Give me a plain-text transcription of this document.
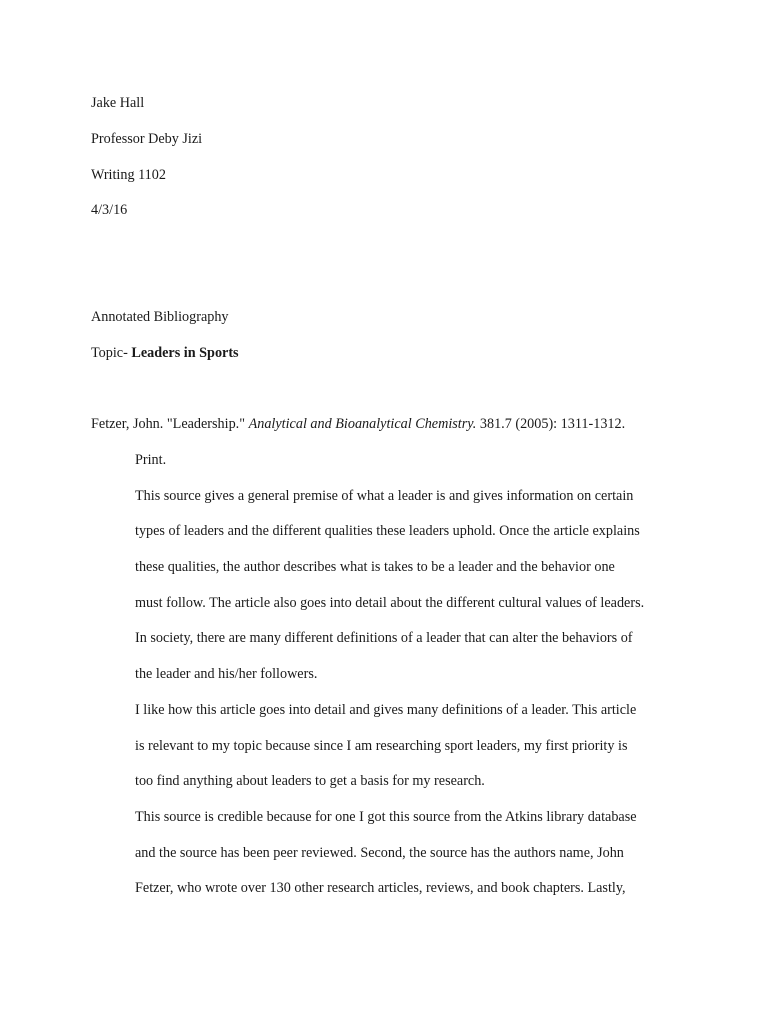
Jake Hall
Professor Deby Jizi
Writing 1102
4/3/16
Annotated Bibliography
Topic- Leaders in Sports
Fetzer, John. "Leadership." Analytical and Bioanalytical Chemistry. 381.7 (2005): 1311-1312.
Print.
This source gives a general premise of what a leader is and gives information on certain
types of leaders and the different qualities these leaders uphold. Once the article explains
these qualities, the author describes what is takes to be a leader and the behavior one
must follow. The article also goes into detail about the different cultural values of leaders.
In society, there are many different definitions of a leader that can alter the behaviors of
the leader and his/her followers.
I like how this article goes into detail and gives many definitions of a leader. This article
is relevant to my topic because since I am researching sport leaders, my first priority is
too find anything about leaders to get a basis for my research.
This source is credible because for one I got this source from the Atkins library database
and the source has been peer reviewed. Second, the source has the authors name, John
Fetzer, who wrote over 130 other research articles, reviews, and book chapters. Lastly,
